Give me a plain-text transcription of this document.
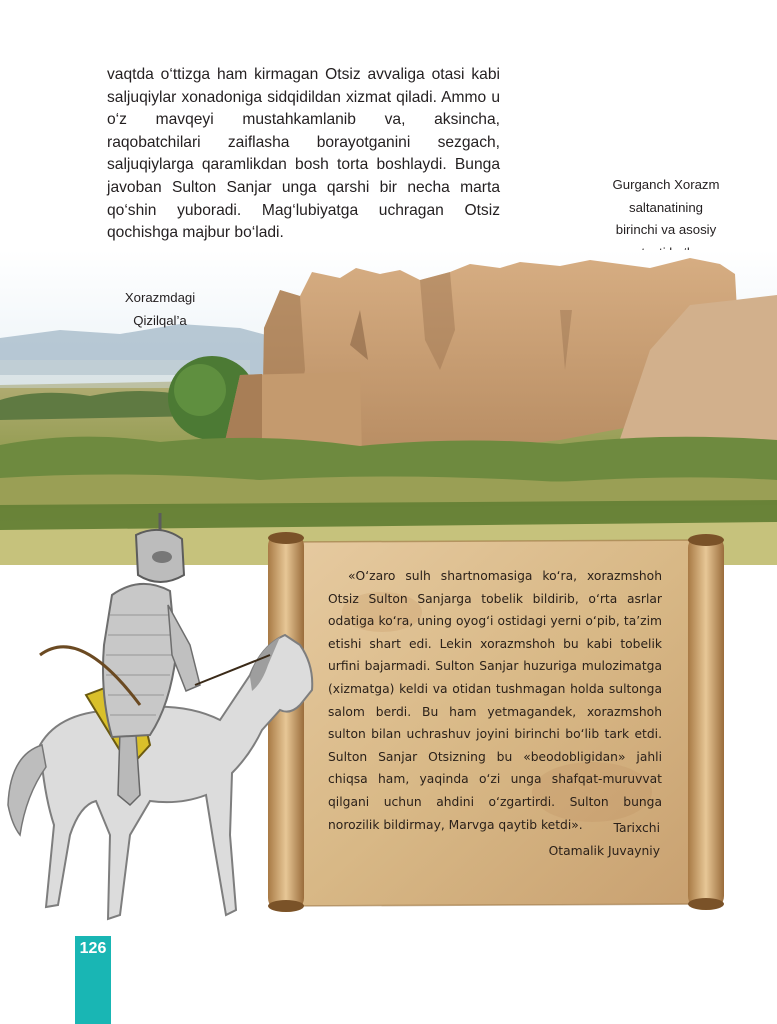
vaqtda o‘ttizga ham kirmagan Otsiz avvaliga otasi kabi saljuqiylar xonadoniga sidqidildan xizmat qiladi. Ammo u o‘z mavqeyi mustahkamlanib va, aksincha, raqobatchilari zaiflasha borayotganini sezgach, saljuqiylarga qaramlikdan bosh torta boshlaydi. Bunga javoban Sulton Sanjar unga qarshi bir necha marta qo‘shin yuboradi. Mag‘lubiyatga uchragan Otsiz qochishga majbur bo‘ladi.

Gurganch Xorazm
saltanatining
birinchi va asosiy
Xorazmdagi
Qizilqal’a

«O‘zaro sulh shartnomasiga ko‘ra, xorazmshoh Otsiz Sulton Sanjarga tobelik bildirib, o‘rta asrlar odatiga ko‘ra, uning oyog‘i ostidagi yerni o‘pib, ta’zim etishi shart edi. Lekin xorazmshoh bu kabi tobelik urfini bajarmadi. Sulton Sanjar huzuriga mulozimatga (xizmatga) keldi va otidan tushmagan holda sultonga salom berdi. Bu ham yetmagandek, xorazmshoh sulton bilan uchrashuv joyini birinchi bo‘lib tark etdi. Sulton Sanjar Otsizning bu «beodobligidan» jahli chiqsa ham, yaqinda o‘zi unga shafqat-muruvvat qilgani uchun ahdini o‘zgartirdi. Sulton bunga norozilik bildirmay, Marvga qaytib ketdi».	Tarixchi
Otamalik Juvayniy
126
